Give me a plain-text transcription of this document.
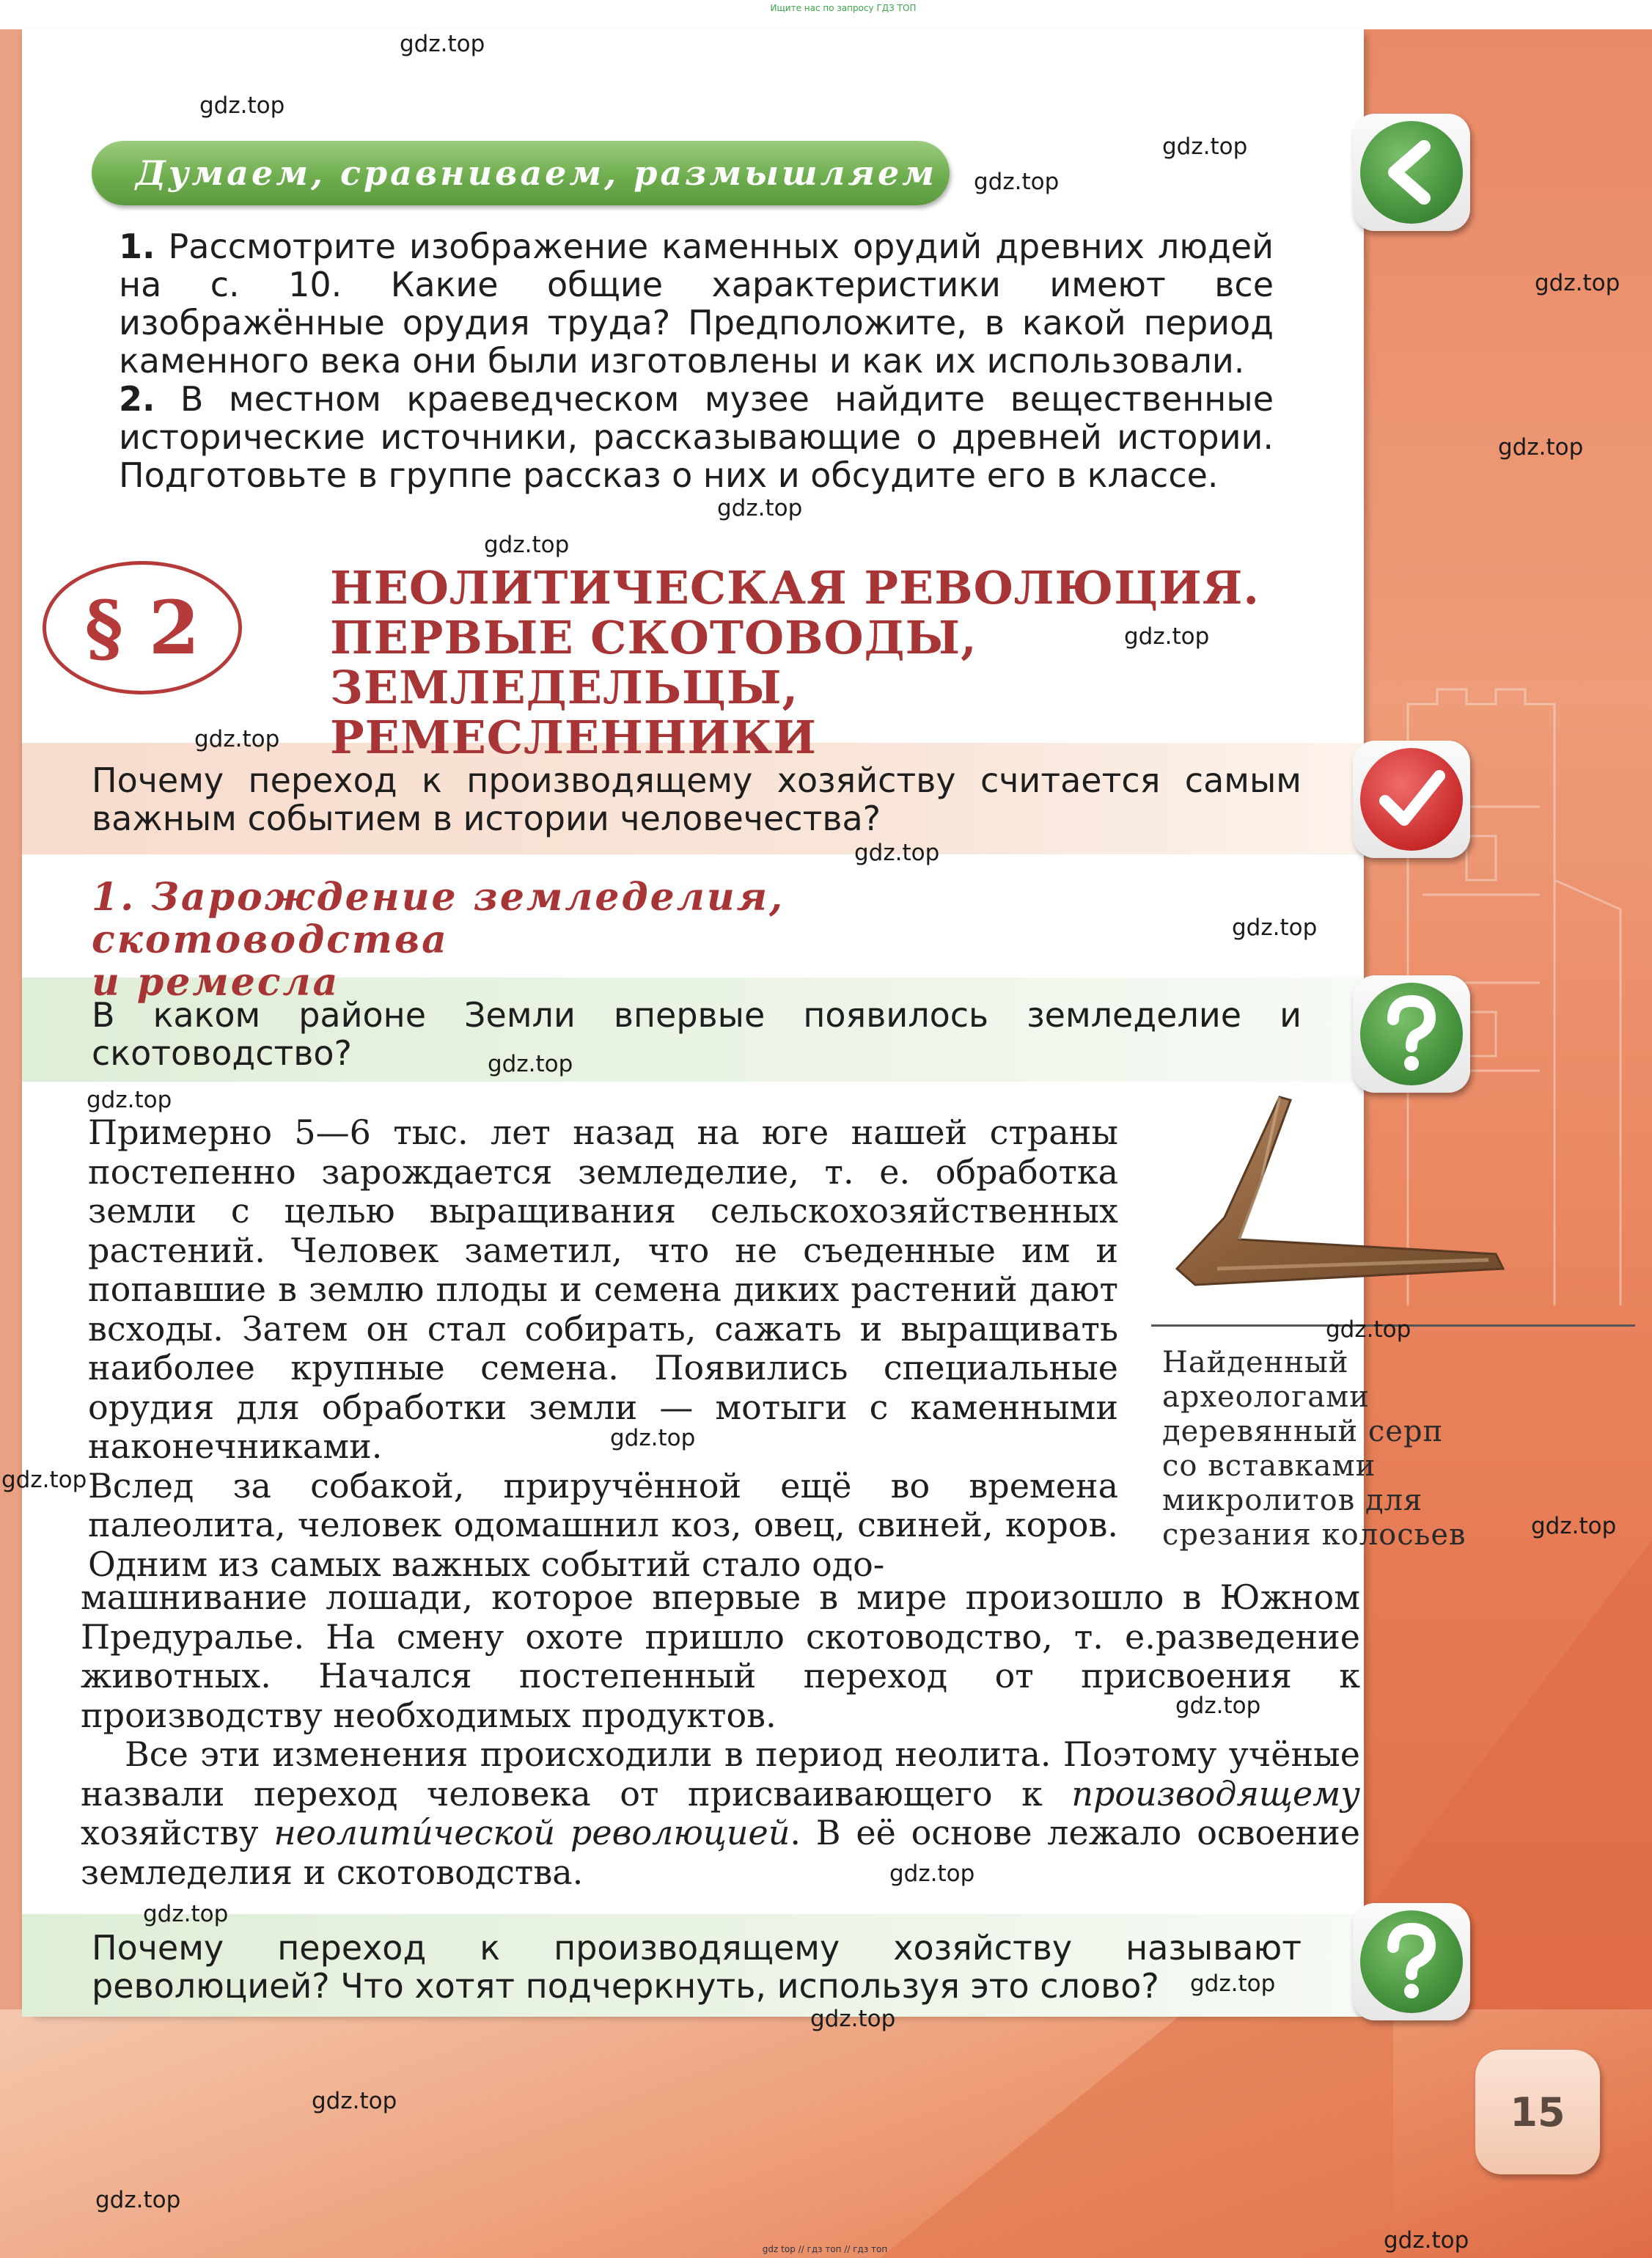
Ищите нас по запросу ГДЗ ТОП
Думаем, сравниваем, размышляем

1. Рассмотрите изображение каменных орудий древних людей на с. 10. Какие общие характеристики имеют все изображённые орудия труда? Предположите, в какой период каменного века они были изготовлены и как их использовали.

2. В местном краеведческом музее найдите вещественные исторические источники, рассказывающие о древней истории. Подготовьте в группе рассказ о них и обсудите его в классе.

§ 2	НЕОЛИТИЧЕСКАЯ РЕВОЛЮЦИЯ.
ПЕРВЫЕ СКОТОВОДЫ,
ЗЕМЛЕДЕЛЬЦЫ, РЕМЕСЛЕННИКИ

Почему переход к производящему хозяйству считается самым важным событием в истории человечества?

1. Зарождение земледелия, скотоводства
и ремесла

В каком районе Земли впервые появилось земледелие и скотоводство?

Примерно 5—6 тыс. лет назад на юге нашей страны постепенно зарождается земледелие, т. е. обработка земли с целью выращивания сельскохозяйственных растений. Человек заметил, что не съеденные им и попавшие в землю плоды и семена диких растений дают всходы. Затем он стал собирать, сажать и выращивать наиболее крупные семена. Появились специальные орудия для обработки земли — мотыги с каменными наконечниками.

Вслед за собакой, приручённой ещё во времена палеолита, человек одомашнил коз, овец, свиней, коров. Одним из самых важных событий стало одо-

машнивание лошади, которое впервые в мире произошло в Южном Предуралье. На смену охоте пришло скотоводство, т. е.разведение животных. Начался постепенный переход от присвоения к производству необходимых продуктов.

Все эти изменения происходили в период неолита. Поэтому учёные назвали переход человека от присваивающего к производящему хозяйству неолити́ческой революцией. В её основе лежало освоение земледелия и скотоводства.

Найденный

археологами

деревянный серп

со вставками

микролитов для

срезания колосьев

Почему переход к производящему хозяйству называют революцией? Что хотят подчеркнуть, используя это слово?

15
gdz.top
gdz.top
gdz.top
gdz.top
gdz.top
gdz.top
gdz.top
gdz.top
gdz.top
gdz.top
gdz.top
gdz.top
gdz.top
gdz.top
gdz.top
gdz.top
gdz.top
gdz.top
gdz.top
gdz.top
gdz.top
gdz.top
gdz.top
gdz.top
gdz.top
gdz.top
gdz top // гдз топ // гдз топ
